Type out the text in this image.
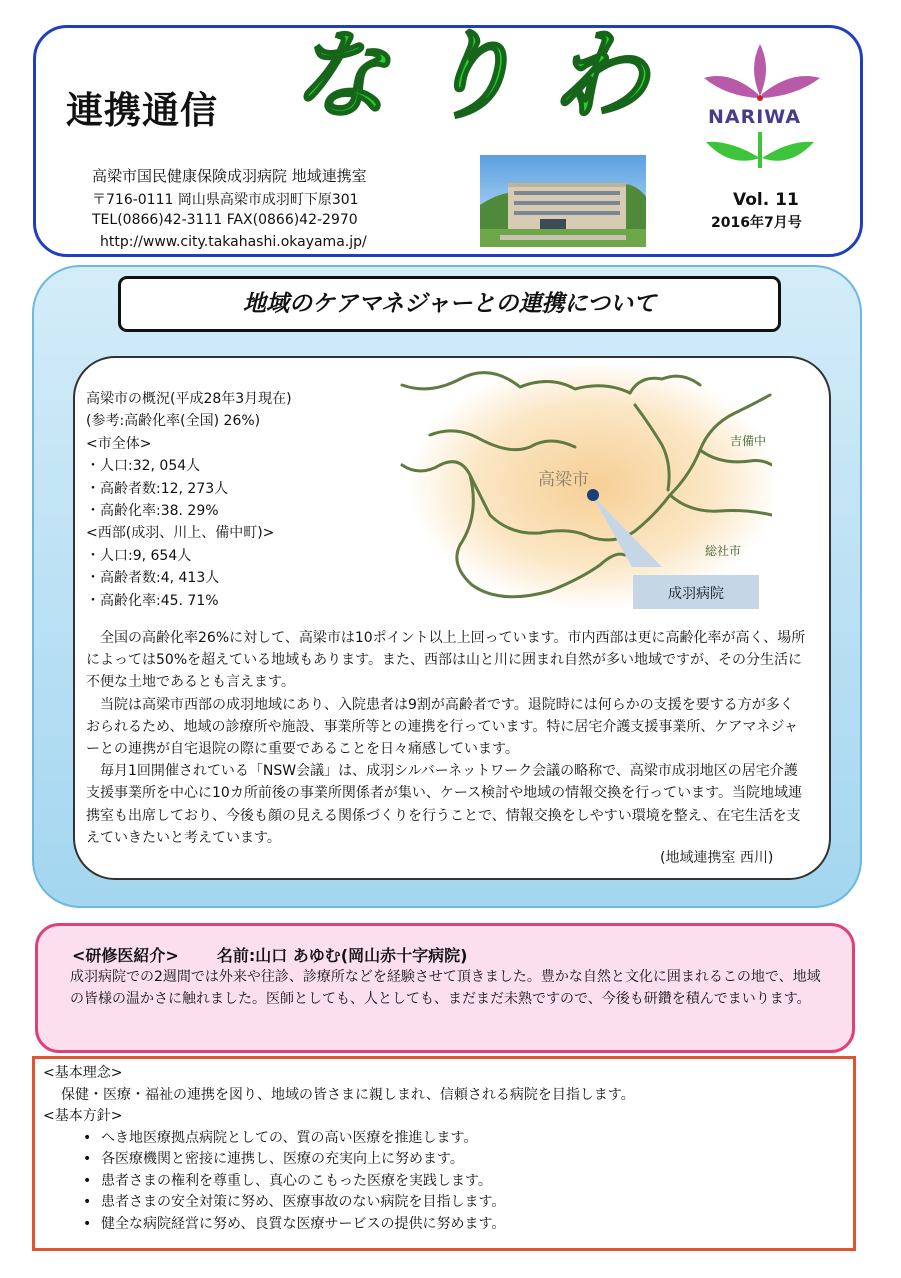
連携通信 なりわ
高梁市国民健康保険成羽病院 地域連携室
〒716-0111 岡山県高梁市成羽町下原301
TEL(0866)42-3111 FAX(0866)42-2970
http://www.city.takahashi.okayama.jp/
NARIWA
Vol. 11
2016年7月号
地域のケアマネジャーとの連携について
高梁市の概況(平成28年3月現在)
(参考:高齢化率(全国) 26%)
<市全体>
・人口:32, 054人
・高齢者数:12, 273人
・高齢化率:38. 29%
<西部(成羽、川上、備中町)>
・人口:9, 654人
・高齢者数:4, 413人
・高齢化率:45. 71%
高梁市
吉備中
総社市
成羽病院

全国の高齢化率26%に対して、高梁市は10ポイント以上上回っています。市内西部は更に高齢化率が高く、場所によっては50%を超えている地域もあります。また、西部は山と川に囲まれ自然が多い地域ですが、その分生活に不便な土地であるとも言えます。

当院は高梁市西部の成羽地域にあり、入院患者は9割が高齢者です。退院時には何らかの支援を要する方が多くおられるため、地域の診療所や施設、事業所等との連携を行っています。特に居宅介護支援事業所、ケアマネジャーとの連携が自宅退院の際に重要であることを日々痛感しています。

毎月1回開催されている「NSW会議」は、成羽シルバーネットワーク会議の略称で、高梁市成羽地区の居宅介護支援事業所を中心に10カ所前後の事業所関係者が集い、ケース検討や地域の情報交換を行っています。当院地域連携室も出席しており、今後も顔の見える関係づくりを行うことで、情報交換をしやすい環境を整え、在宅生活を支えていきたいと考えています。

(地域連携室 西川)
<研修医紹介> 名前:山口 あゆむ(岡山赤十字病院)
成羽病院での2週間では外来や往診、診療所などを経験させて頂きました。豊かな自然と文化に囲まれるこの地で、地域の皆様の温かさに触れました。医師としても、人としても、まだまだ未熟ですので、今後も研鑽を積んでまいります。
<基本理念>
保健・医療・福祉の連携を図り、地域の皆さまに親しまれ、信頼される病院を目指します。
<基本方針>
• へき地医療拠点病院としての、質の高い医療を推進します。
• 各医療機関と密接に連携し、医療の充実向上に努めます。
• 患者さまの権利を尊重し、真心のこもった医療を実践します。
• 患者さまの安全対策に努め、医療事故のない病院を目指します。
• 健全な病院経営に努め、良質な医療サービスの提供に努めます。
